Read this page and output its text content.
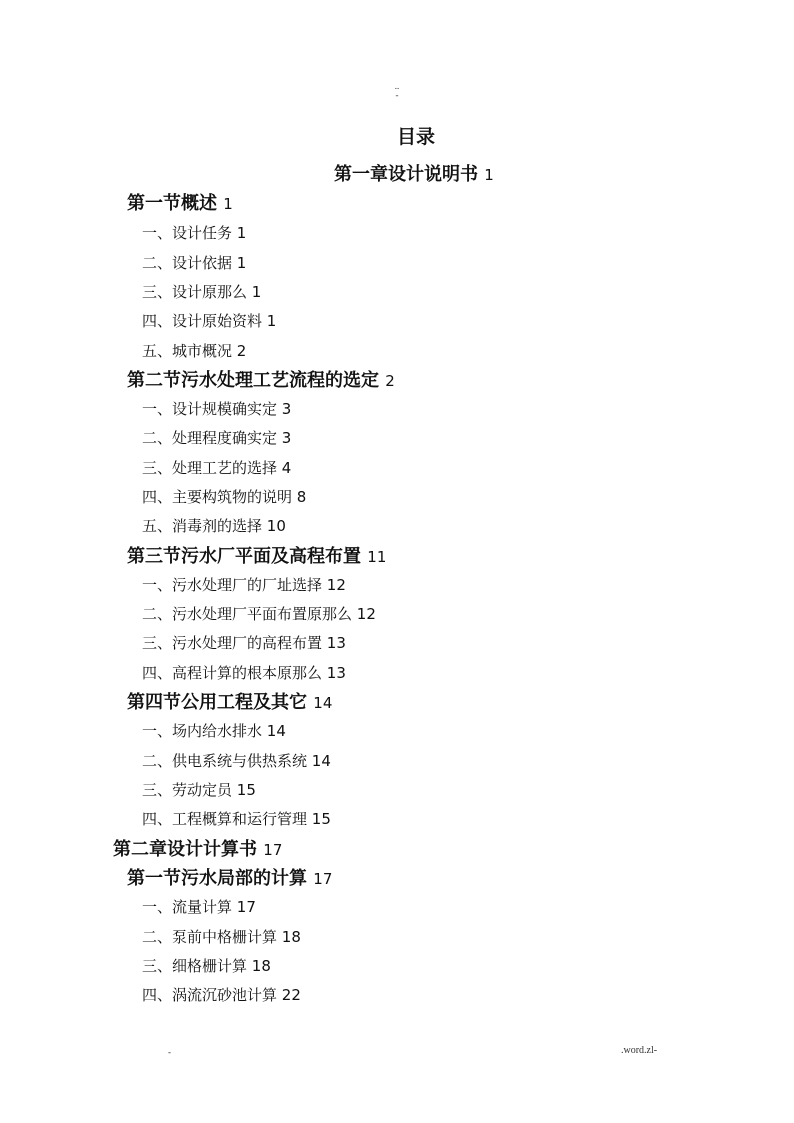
..
-
目录
第一章设计说明书 1
第一节概述 1
一、设计任务 1
二、设计依据 1
三、设计原那么 1
四、设计原始资料 1
五、城市概况 2
第二节污水处理工艺流程的选定 2
一、设计规模确实定 3
二、处理程度确实定 3
三、处理工艺的选择 4
四、主要构筑物的说明 8
五、消毒剂的选择 10
第三节污水厂平面及高程布置 11
一、污水处理厂的厂址选择 12
二、污水处理厂平面布置原那么 12
三、污水处理厂的高程布置 13
四、高程计算的根本原那么 13
第四节公用工程及其它 14
一、场内给水排水 14
二、供电系统与供热系统 14
三、劳动定员 15
四、工程概算和运行管理 15
第二章设计计算书 17
第一节污水局部的计算 17
一、流量计算 17
二、泵前中格栅计算 18
三、细格栅计算 18
四、涡流沉砂池计算 22
-	.word.zl-
